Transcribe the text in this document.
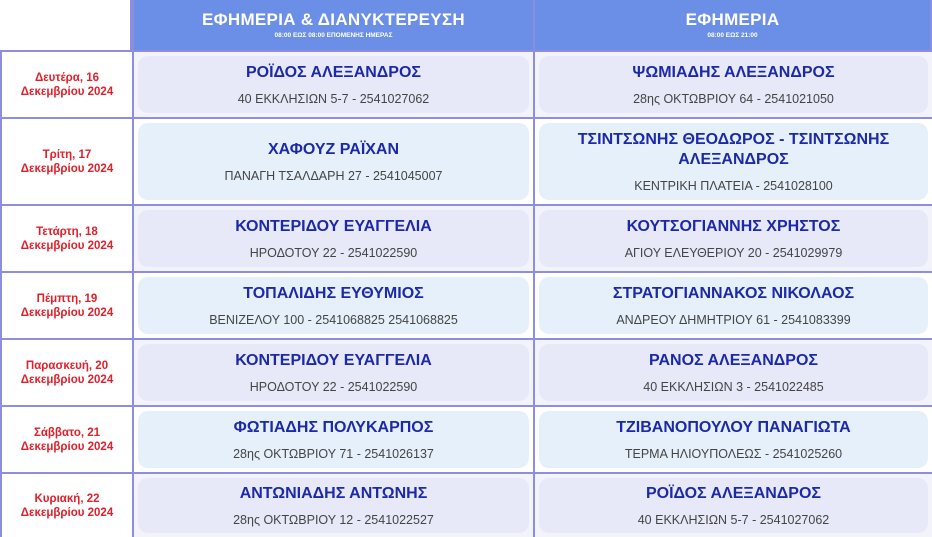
ΕΦΗΜΕΡΙΑ & ΔΙΑΝΥΚΤΕΡΕΥΣΗ
08:00 ΕΩΣ 08:00 ΕΠΟΜΕΝΗΣ ΗΜΕΡΑΣ
ΕΦΗΜΕΡΙΑ
08:00 ΕΩΣ 21:00
Δευτέρα, 16
Δεκεμβρίου 2024
ΡΟΪΔΟΣ ΑΛΕΞΑΝΔΡΟΣ
40 ΕΚΚΛΗΣΙΩΝ 5-7 - 2541027062
ΨΩΜΙΑΔΗΣ ΑΛΕΞΑΝΔΡΟΣ
28ης ΟΚΤΩΒΡΙΟΥ 64 - 2541021050
Τρίτη, 17
Δεκεμβρίου 2024
ΧΑΦΟΥΖ ΡΑΪΧΑΝ
ΠΑΝΑΓΗ ΤΣΑΛΔΑΡΗ 27 - 2541045007
ΤΣΙΝΤΣΩΝΗΣ ΘΕΟΔΩΡΟΣ - ΤΣΙΝΤΣΩΝΗΣ ΑΛΕΞΑΝΔΡΟΣ
ΚΕΝΤΡΙΚΗ ΠΛΑΤΕΙΑ - 2541028100
Τετάρτη, 18
Δεκεμβρίου 2024
ΚΟΝΤΕΡΙΔΟΥ ΕΥΑΓΓΕΛΙΑ
ΗΡΟΔΟΤΟΥ 22 - 2541022590
ΚΟΥΤΣΟΓΙΑΝΝΗΣ ΧΡΗΣΤΟΣ
ΑΓΙΟΥ ΕΛΕΥΘΕΡΙΟΥ 20 - 2541029979
Πέμπτη, 19
Δεκεμβρίου 2024
ΤΟΠΑΛΙΔΗΣ ΕΥΘΥΜΙΟΣ
ΒΕΝΙΖΕΛΟΥ 100 - 2541068825 2541068825
ΣΤΡΑΤΟΓΙΑΝΝΑΚΟΣ ΝΙΚΟΛΑΟΣ
ΑΝΔΡΕΟΥ ΔΗΜΗΤΡΙΟΥ 61 - 2541083399
Παρασκευή, 20
Δεκεμβρίου 2024
ΚΟΝΤΕΡΙΔΟΥ ΕΥΑΓΓΕΛΙΑ
ΗΡΟΔΟΤΟΥ 22 - 2541022590
ΡΑΝΟΣ ΑΛΕΞΑΝΔΡΟΣ
40 ΕΚΚΛΗΣΙΩΝ 3 - 2541022485
Σάββατο, 21
Δεκεμβρίου 2024
ΦΩΤΙΑΔΗΣ ΠΟΛΥΚΑΡΠΟΣ
28ης ΟΚΤΩΒΡΙΟΥ 71 - 2541026137
ΤΖΙΒΑΝΟΠΟΥΛΟΥ ΠΑΝΑΓΙΩΤΑ
ΤΕΡΜΑ ΗΛΙΟΥΠΟΛΕΩΣ - 2541025260
Κυριακή, 22
Δεκεμβρίου 2024
ΑΝΤΩΝΙΑΔΗΣ ΑΝΤΩΝΗΣ
28ης ΟΚΤΩΒΡΙΟΥ 12 - 2541022527
ΡΟΪΔΟΣ ΑΛΕΞΑΝΔΡΟΣ
40 ΕΚΚΛΗΣΙΩΝ 5-7 - 2541027062
